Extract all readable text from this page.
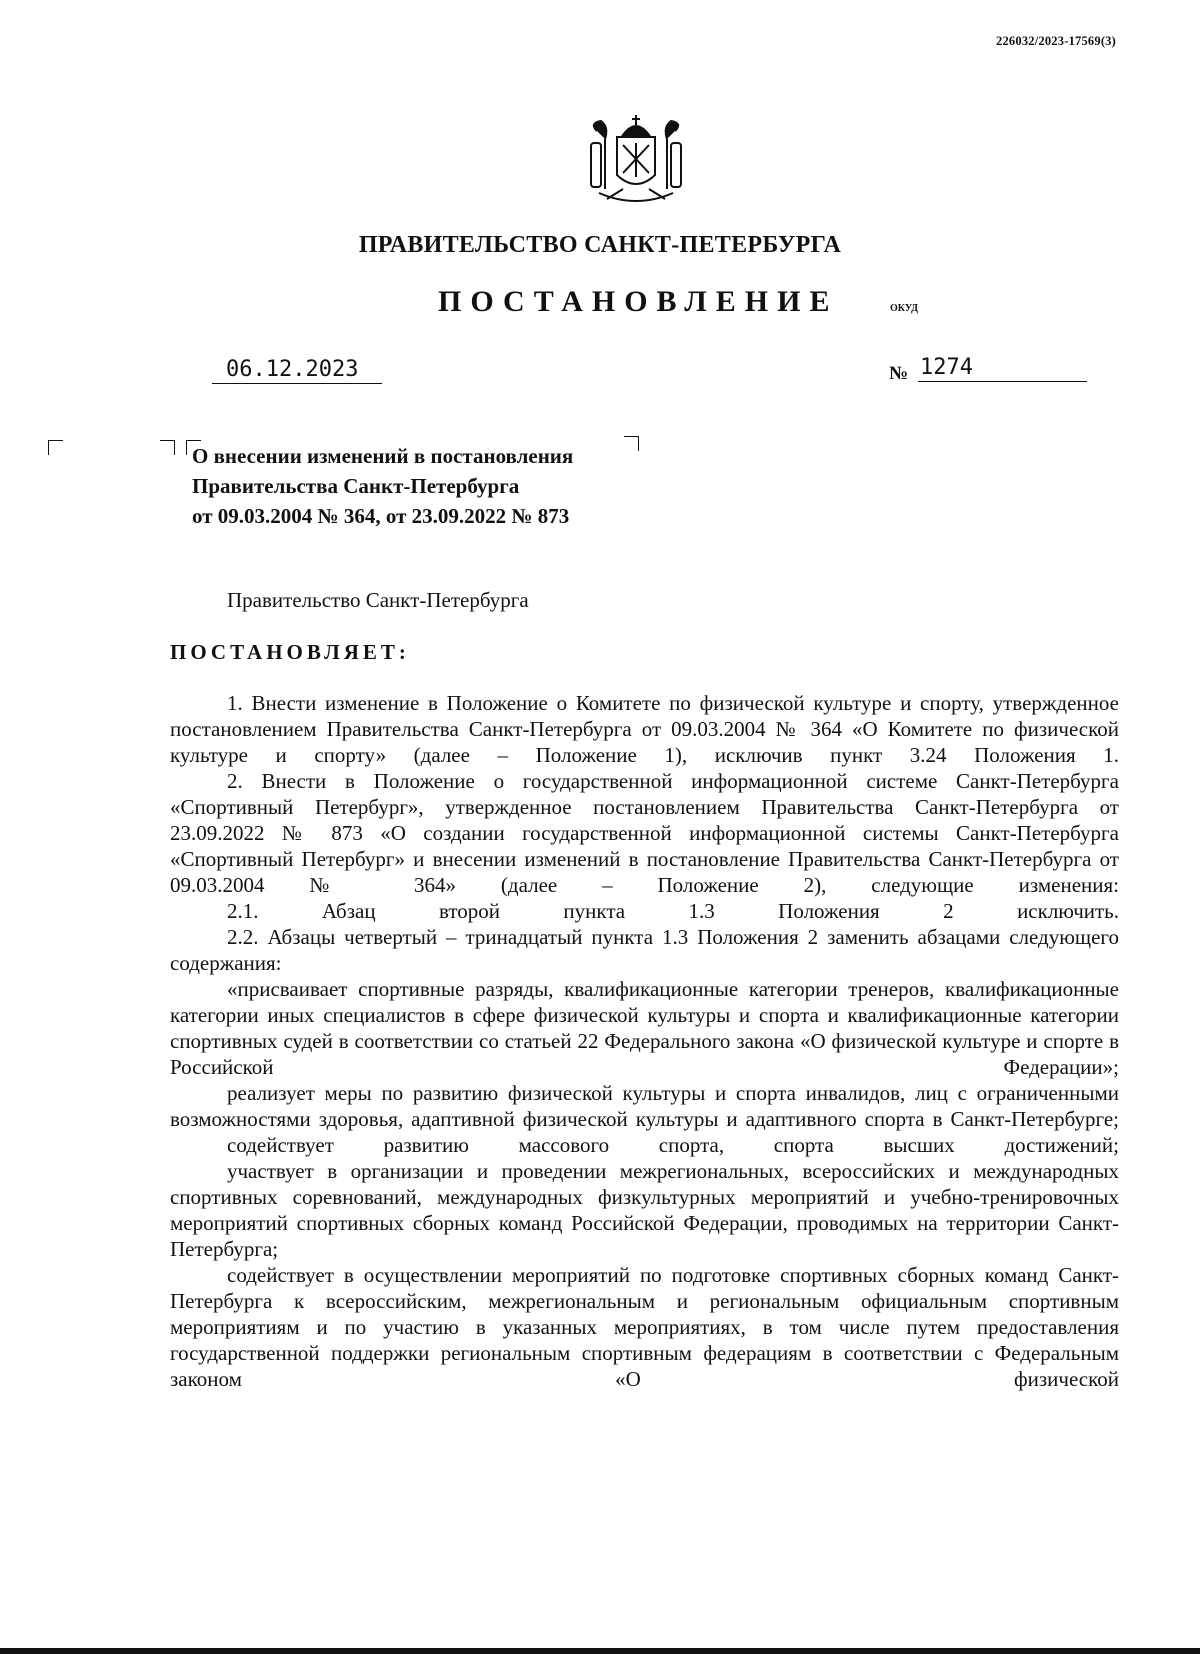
226032/2023-17569(3)
ПРАВИТЕЛЬСТВО САНКТ-ПЕТЕРБУРГА
ПОСТАНОВЛЕНИЕ	ОКУД
06.12.2023	№ 1274
О внесении изменений в постановления
Правительства Санкт-Петербурга
от 09.03.2004 № 364, от 23.09.2022 № 873
Правительство Санкт-Петербурга
ПОСТАНОВЛЯЕТ:

1. Внести изменение в Положение о Комитете по физической культуре и спорту, утвержденное постановлением Правительства Санкт-Петербурга от 09.03.2004 № 364 «О Комитете по физической культуре и спорту» (далее – Положение 1), исключив пункт 3.24 Положения 1.

2. Внести в Положение о государственной информационной системе Санкт-Петербурга «Спортивный Петербург», утвержденное постановлением Правительства Санкт-Петербурга от 23.09.2022 № 873 «О создании государственной информационной системы Санкт-Петербурга «Спортивный Петербург» и внесении изменений в постановление Правительства Санкт-Петербурга от 09.03.2004 № 364» (далее – Положение 2), следующие изменения:

2.1. Абзац второй пункта 1.3 Положения 2 исключить.

2.2. Абзацы четвертый – тринадцатый пункта 1.3 Положения 2 заменить абзацами следующего содержания:

«присваивает спортивные разряды, квалификационные категории тренеров, квалификационные категории иных специалистов в сфере физической культуры и спорта и квалификационные категории спортивных судей в соответствии со статьей 22 Федерального закона «О физической культуре и спорте в Российской Федерации»;

реализует меры по развитию физической культуры и спорта инвалидов, лиц с ограниченными возможностями здоровья, адаптивной физической культуры и адаптивного спорта в Санкт-Петербурге;

содействует развитию массового спорта, спорта высших достижений;

участвует в организации и проведении межрегиональных, всероссийских и международных спортивных соревнований, международных физкультурных мероприятий и учебно-тренировочных мероприятий спортивных сборных команд Российской Федерации, проводимых на территории Санкт-Петербурга;

содействует в осуществлении мероприятий по подготовке спортивных сборных команд Санкт-Петербурга к всероссийским, межрегиональным и региональным официальным спортивным мероприятиям и по участию в указанных мероприятиях, в том числе путем предоставления государственной поддержки региональным спортивным федерациям в соответствии с Федеральным законом «О физической
